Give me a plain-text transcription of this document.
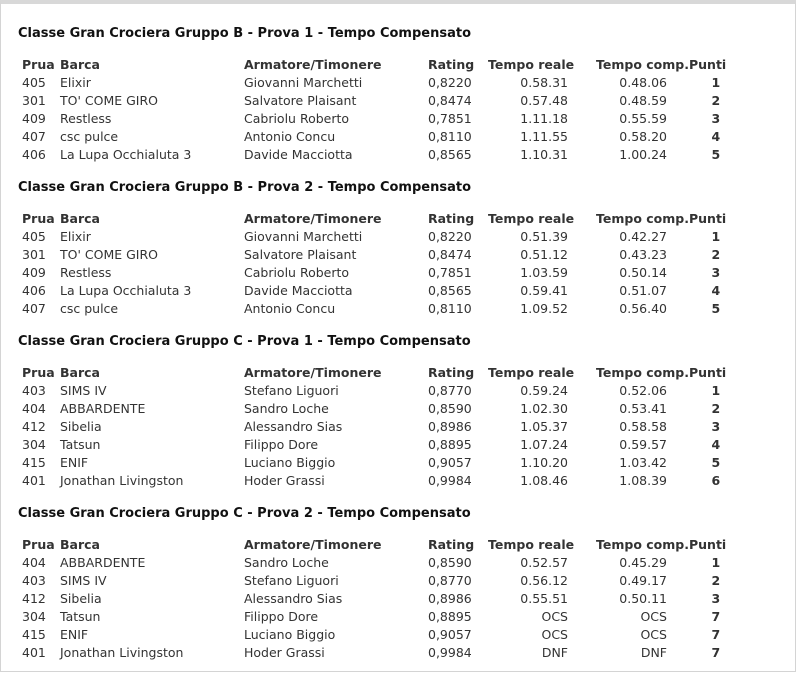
Classe Gran Crociera Gruppo B - Prova 1 - Tempo Compensato
Prua	Barca	Armatore/Timonere	Rating	Tempo reale	Tempo comp.	Punti
405	Elixir	Giovanni Marchetti	0,8220	0.58.31	0.48.06	1
301	TO' COME GIRO	Salvatore Plaisant	0,8474	0.57.48	0.48.59	2
409	Restless	Cabriolu Roberto	0,7851	1.11.18	0.55.59	3
407	csc pulce	Antonio Concu	0,8110	1.11.55	0.58.20	4
406	La Lupa Occhialuta 3	Davide Macciotta	0,8565	1.10.31	1.00.24	5
Classe Gran Crociera Gruppo B - Prova 2 - Tempo Compensato
Prua	Barca	Armatore/Timonere	Rating	Tempo reale	Tempo comp.	Punti
405	Elixir	Giovanni Marchetti	0,8220	0.51.39	0.42.27	1
301	TO' COME GIRO	Salvatore Plaisant	0,8474	0.51.12	0.43.23	2
409	Restless	Cabriolu Roberto	0,7851	1.03.59	0.50.14	3
406	La Lupa Occhialuta 3	Davide Macciotta	0,8565	0.59.41	0.51.07	4
407	csc pulce	Antonio Concu	0,8110	1.09.52	0.56.40	5
Classe Gran Crociera Gruppo C - Prova 1 - Tempo Compensato
Prua	Barca	Armatore/Timonere	Rating	Tempo reale	Tempo comp.	Punti
403	SIMS IV	Stefano Liguori	0,8770	0.59.24	0.52.06	1
404	ABBARDENTE	Sandro Loche	0,8590	1.02.30	0.53.41	2
412	Sibelia	Alessandro Sias	0,8986	1.05.37	0.58.58	3
304	Tatsun	Filippo Dore	0,8895	1.07.24	0.59.57	4
415	ENIF	Luciano Biggio	0,9057	1.10.20	1.03.42	5
401	Jonathan Livingston	Hoder Grassi	0,9984	1.08.46	1.08.39	6
Classe Gran Crociera Gruppo C - Prova 2 - Tempo Compensato
Prua	Barca	Armatore/Timonere	Rating	Tempo reale	Tempo comp.	Punti
404	ABBARDENTE	Sandro Loche	0,8590	0.52.57	0.45.29	1
403	SIMS IV	Stefano Liguori	0,8770	0.56.12	0.49.17	2
412	Sibelia	Alessandro Sias	0,8986	0.55.51	0.50.11	3
304	Tatsun	Filippo Dore	0,8895	OCS	OCS	7
415	ENIF	Luciano Biggio	0,9057	OCS	OCS	7
401	Jonathan Livingston	Hoder Grassi	0,9984	DNF	DNF	7
